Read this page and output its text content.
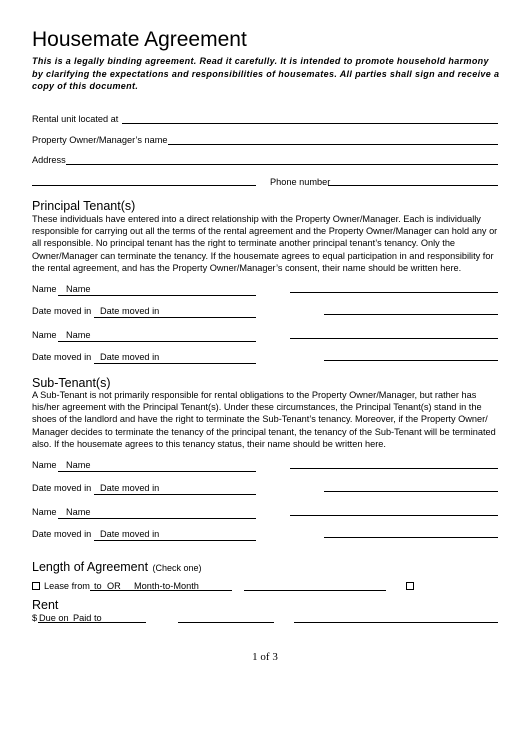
Housemate Agreement
This is a legally binding agreement. Read it carefully. It is intended to promote household harmony by clarifying the expectations and responsibilities of housemates. All parties shall sign and receive a copy of this document.
Rental unit located at
Property Owner/Manager’s name
Address
Phone number
Principal Tenant(s)
These individuals have entered into a direct relationship with the Property Owner/Manager. Each is individually responsible for carrying out all the terms of the rental agreement and the Property Owner/Manager can hold any or all responsible. No principal tenant has the right to terminate another principal tenant’s tenancy. Only the Owner/Manager can terminate the tenancy. If the housemate agrees to equal participation in and responsibility for the rental agreement, and has the Property Owner/Manager’s consent, their name should be written here.
Name	Name
Date moved in Date moved in
Name	Name
Date moved in Date moved in
Sub-Tenant(s)
A Sub-Tenant is not primarily responsible for rental obligations to the Property Owner/Manager, but rather has his/her agreement with the Principal Tenant(s). Under these circumstances, the Principal Tenant(s) stand in the shoes of the landlord and have the right to terminate the Sub-Tenant’s tenancy. Moreover, if the Property Owner/ Manager decides to terminate the tenancy of the principal tenant, the tenancy of the Sub-Tenant will be terminated also. If the housemate agrees to this tenancy status, their name should be written here.
Name	Name
Date moved in Date moved in
Name	Name
Date moved in Date moved in
Length of Agreement (Check one)
Lease from to OR Month-to-Month
Rent
$ Due on Paid to
1 of 3
